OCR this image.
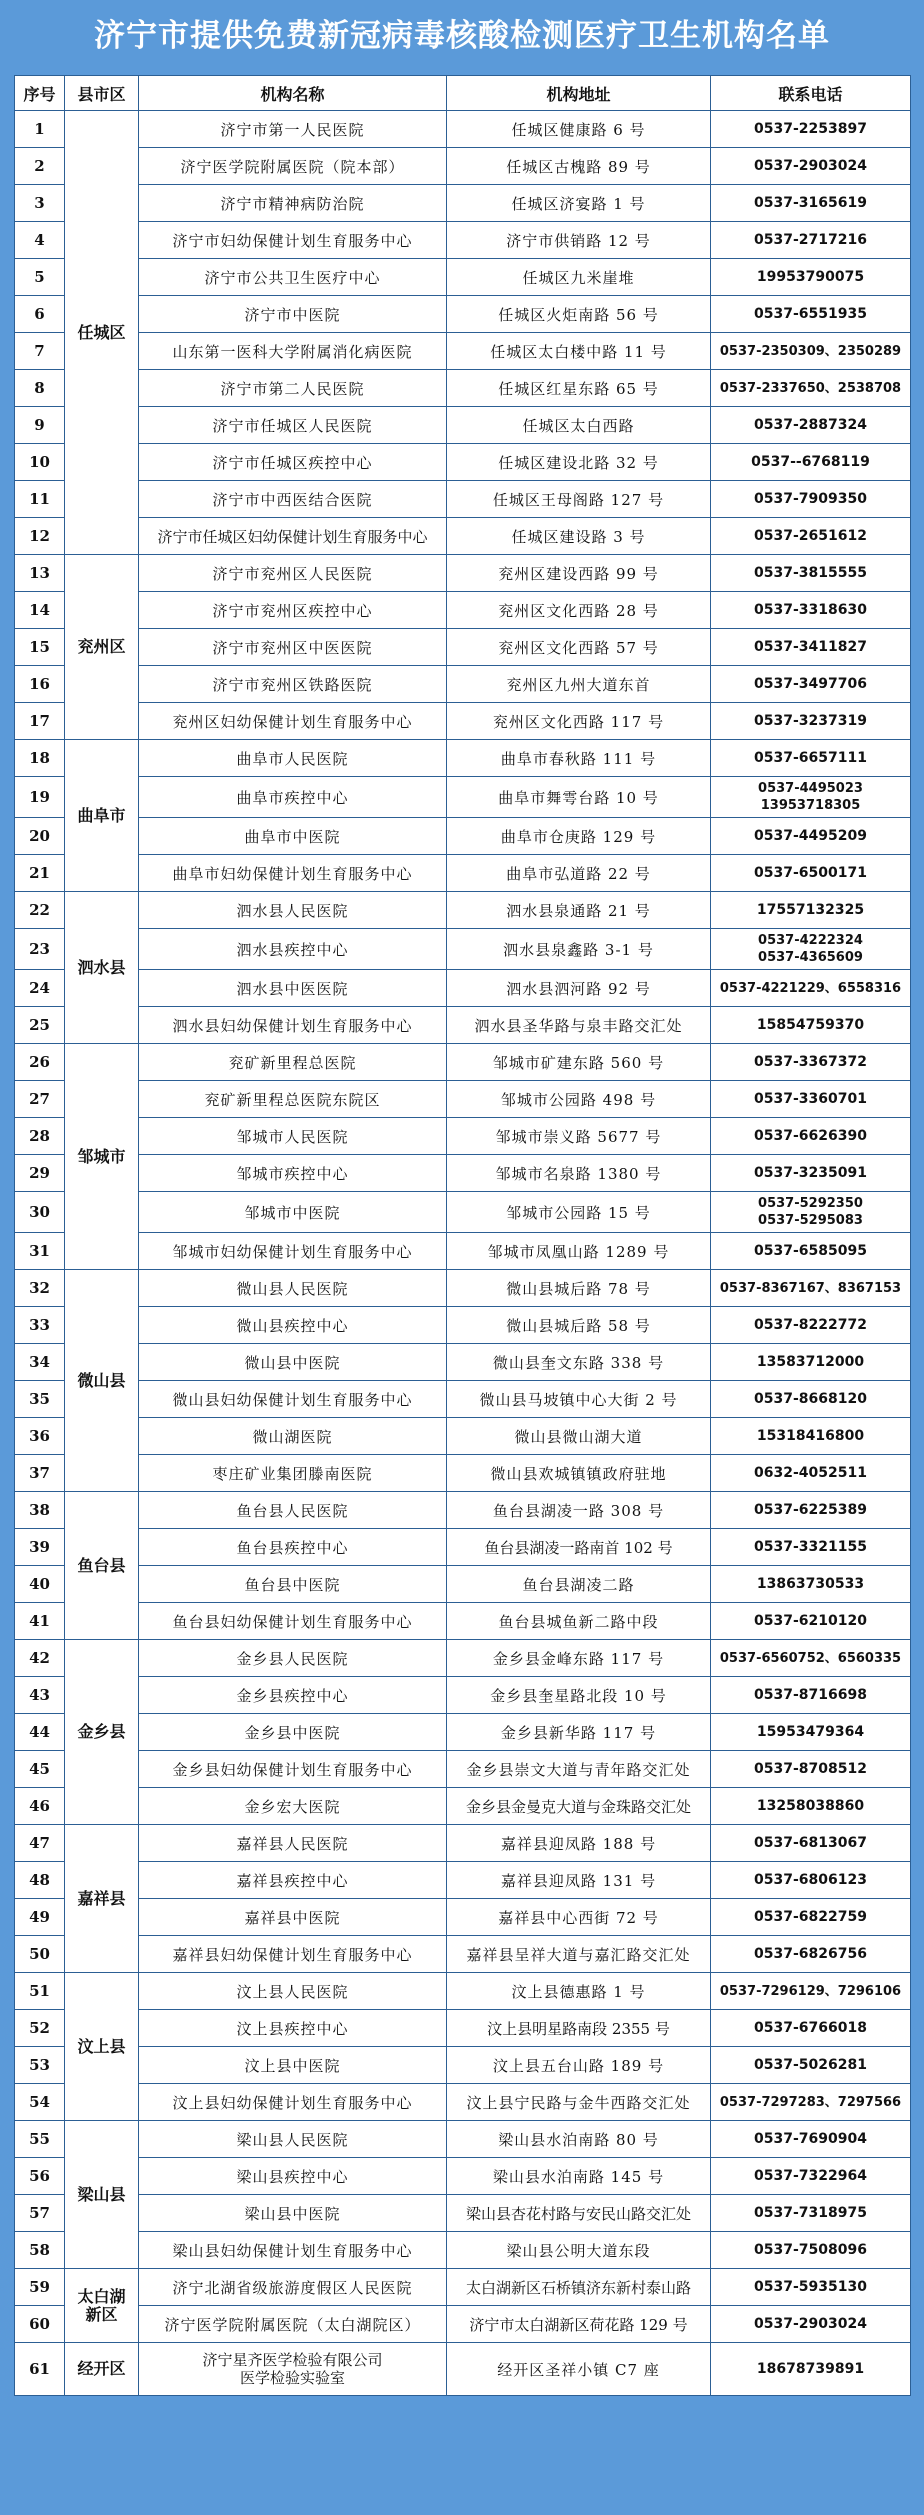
济宁市提供免费新冠病毒核酸检测医疗卫生机构名单
序号	县市区	机构名称	机构地址	联系电话
1	任城区	济宁市第一人民医院	任城区健康路 6 号	0537-2253897
2		济宁医学院附属医院（院本部）	任城区古槐路 89 号	0537-2903024
3		济宁市精神病防治院	任城区济宴路 1 号	0537-3165619
4		济宁市妇幼保健计划生育服务中心	济宁市供销路 12 号	0537-2717216
5		济宁市公共卫生医疗中心	任城区九米崖堆	19953790075
6		济宁市中医院	任城区火炬南路 56 号	0537-6551935
7		山东第一医科大学附属消化病医院	任城区太白楼中路 11 号	0537-2350309、2350289
8		济宁市第二人民医院	任城区红星东路 65 号	0537-2337650、2538708
9		济宁市任城区人民医院	任城区太白西路	0537-2887324
10		济宁市任城区疾控中心	任城区建设北路 32 号	0537--6768119
11		济宁市中西医结合医院	任城区王母阁路 127 号	0537-7909350
12		济宁市任城区妇幼保健计划生育服务中心	任城区建设路 3 号	0537-2651612
13	兖州区	济宁市兖州区人民医院	兖州区建设西路 99 号	0537-3815555
14		济宁市兖州区疾控中心	兖州区文化西路 28 号	0537-3318630
15		济宁市兖州区中医医院	兖州区文化西路 57 号	0537-3411827
16		济宁市兖州区铁路医院	兖州区九州大道东首	0537-3497706
17		兖州区妇幼保健计划生育服务中心	兖州区文化西路 117 号	0537-3237319
18	曲阜市	曲阜市人民医院	曲阜市春秋路 111 号	0537-6657111
19		曲阜市疾控中心	曲阜市舞雩台路 10 号	0537-4495023
13953718305

20		曲阜市中医院	曲阜市仓庚路 129 号	0537-4495209
21		曲阜市妇幼保健计划生育服务中心	曲阜市弘道路 22 号	0537-6500171
22	泗水县	泗水县人民医院	泗水县泉通路 21 号	17557132325
23		泗水县疾控中心	泗水县泉鑫路 3-1 号	0537-4222324
0537-4365609

24		泗水县中医医院	泗水县泗河路 92 号	0537-4221229、6558316
25		泗水县妇幼保健计划生育服务中心	泗水县圣华路与泉丰路交汇处	15854759370
26	邹城市	兖矿新里程总医院	邹城市矿建东路 560 号	0537-3367372
27		兖矿新里程总医院东院区	邹城市公园路 498 号	0537-3360701
28		邹城市人民医院	邹城市崇义路 5677 号	0537-6626390
29		邹城市疾控中心	邹城市名泉路 1380 号	0537-3235091
30		邹城市中医院	邹城市公园路 15 号	0537-5292350
0537-5295083

31		邹城市妇幼保健计划生育服务中心	邹城市凤凰山路 1289 号	0537-6585095
32	微山县	微山县人民医院	微山县城后路 78 号	0537-8367167、8367153
33		微山县疾控中心	微山县城后路 58 号	0537-8222772
34		微山县中医院	微山县奎文东路 338 号	13583712000
35		微山县妇幼保健计划生育服务中心	微山县马坡镇中心大街 2 号	0537-8668120
36		微山湖医院	微山县微山湖大道	15318416800
37		枣庄矿业集团滕南医院	微山县欢城镇镇政府驻地	0632-4052511
38	鱼台县	鱼台县人民医院	鱼台县湖凌一路 308 号	0537-6225389
39		鱼台县疾控中心	鱼台县湖凌一路南首 102 号	0537-3321155
40		鱼台县中医院	鱼台县湖凌二路	13863730533
41		鱼台县妇幼保健计划生育服务中心	鱼台县城鱼新二路中段	0537-6210120
42	金乡县	金乡县人民医院	金乡县金峰东路 117 号	0537-6560752、6560335
43		金乡县疾控中心	金乡县奎星路北段 10 号	0537-8716698
44		金乡县中医院	金乡县新华路 117 号	15953479364
45		金乡县妇幼保健计划生育服务中心	金乡县崇文大道与青年路交汇处	0537-8708512
46		金乡宏大医院	金乡县金曼克大道与金珠路交汇处	13258038860
47	嘉祥县	嘉祥县人民医院	嘉祥县迎凤路 188 号	0537-6813067
48		嘉祥县疾控中心	嘉祥县迎凤路 131 号	0537-6806123
49		嘉祥县中医院	嘉祥县中心西街 72 号	0537-6822759
50		嘉祥县妇幼保健计划生育服务中心	嘉祥县呈祥大道与嘉汇路交汇处	0537-6826756
51	汶上县	汶上县人民医院	汶上县德惠路 1 号	0537-7296129、7296106
52		汶上县疾控中心	汶上县明星路南段 2355 号	0537-6766018
53		汶上县中医院	汶上县五台山路 189 号	0537-5026281
54		汶上县妇幼保健计划生育服务中心	汶上县宁民路与金牛西路交汇处	0537-7297283、7297566
55	梁山县	梁山县人民医院	梁山县水泊南路 80 号	0537-7690904
56		梁山县疾控中心	梁山县水泊南路 145 号	0537-7322964
57		梁山县中医院	梁山县杏花村路与安民山路交汇处	0537-7318975
58		梁山县妇幼保健计划生育服务中心	梁山县公明大道东段	0537-7508096
59	太白湖
新区	济宁北湖省级旅游度假区人民医院	太白湖新区石桥镇济东新村泰山路	0537-5935130
60		济宁医学院附属医院（太白湖院区）	济宁市太白湖新区荷花路 129 号	0537-2903024
61	经开区	济宁星齐医学检验有限公司
医学检验实验室	经开区圣祥小镇 C7 座	18678739891
